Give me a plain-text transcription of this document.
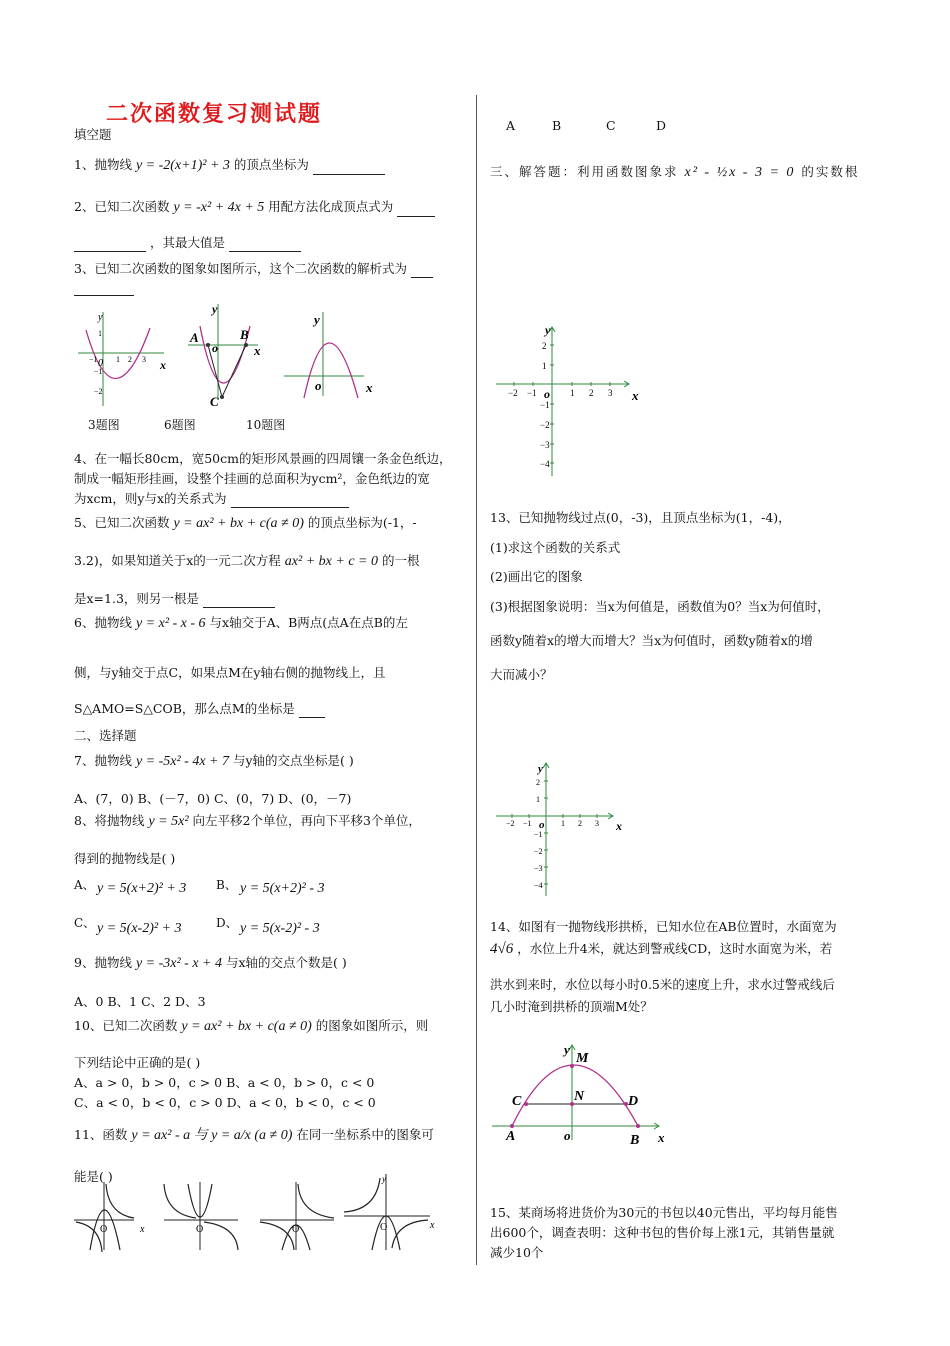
二次函数复习测试题
填空题
1、抛物线 y = -2(x+1)² + 3 的顶点坐标为
2、已知二次函数 y = -x² + 4x + 5 用配方法化成顶点式为
，其最大值是
3、已知二次函数的图象如图所示，这个二次函数的解析式为
y
x
0
1
1 2 3
−1
−1
−2
y
A	B
x
o
C
y
o	x
3题图	6题图	10题图
4、在一幅长80cm，宽50cm的矩形风景画的四周镶一条金色纸边，
制成一幅矩形挂画，设整个挂画的总面积为ycm²，金色纸边的宽
为xcm，则y与x的关系式为
5、已知二次函数 y = ax² + bx + c(a ≠ 0) 的顶点坐标为(-1，-
3.2)，如果知道关于x的一元二次方程 ax² + bx + c = 0 的一根
是x=1.3，则另一根是
6、抛物线 y = x² - x - 6 与x轴交于A、B两点(点A在点B的左
侧，与y轴交于点C，如果点M在y轴右侧的抛物线上，且
S△AMO=S△COB，那么点M的坐标是
二、选择题
7、抛物线 y = -5x² - 4x + 7 与y轴的交点坐标是( )
A、(7，0) B、(－7，0) C、(0，7) D、(0，－7)
8、将抛物线 y = 5x² 向左平移2个单位，再向下平移3个单位，
得到的抛物线是( )
A、 y = 5(x+2)² + 3 B、 y = 5(x+2)² - 3
C、 y = 5(x-2)² + 3	D、 y = 5(x-2)² - 3
9、抛物线 y = -3x² - x + 4 与x轴的交点个数是( )
A、0 B、1 C、2 D、3
10、已知二次函数 y = ax² + bx + c(a ≠ 0) 的图象如图所示，则
下列结论中正确的是( )
A、a > 0，b > 0，c > 0 B、a < 0，b > 0，c < 0
C、a < 0，b < 0，c > 0 D、a < 0，b < 0，c < 0
11、函数 y = ax² - a 与 y = a/x (a ≠ 0) 在同一坐标系中的图象可
能是( )
O	x	O	O	O	x
y
A	B	C	D
三、解答题：利用函数图象求 x² - ½x - 3 = 0 的实数根
y
x
o
2
1
−1
−2
−3
−4
−2 −1	1 2 3
13、已知抛物线过点(0，-3)，且顶点坐标为(1，-4)，
(1)求这个函数的关系式
(2)画出它的图象
(3)根据图象说明：当x为何值是，函数值为0？当x为何值时，
函数y随着x的增大而增大？当x为何值时，函数y随着x的增
大而减小？
y
x
o
2
1
−1
−2
−3
−4
−2 −1	1 2 3
14、如图有一抛物线形拱桥，已知水位在AB位置时，水面宽为
4√6 ，水位上升4米，就达到警戒线CD，这时水面宽为米，若
洪水到来时，水位以每小时0.5米的速度上升，求水过警戒线后
几小时淹到拱桥的顶端M处？
y
M
N
C	D
A	B
o	x
15、某商场将进货价为30元的书包以40元售出，平均每月能售
出600个，调查表明：这种书包的售价每上涨1元，其销售量就
减少10个
